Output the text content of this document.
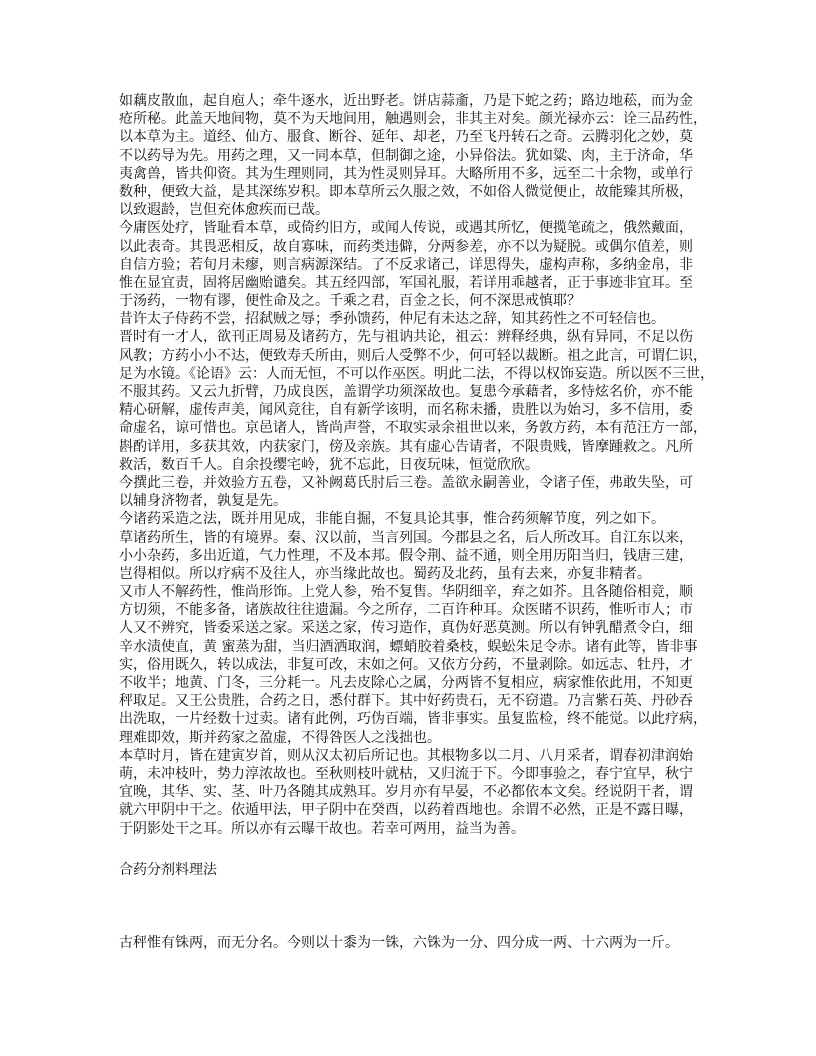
如藕皮散血，起自庖人；牵牛逐水，近出野老。饼店蒜齑，乃是下蛇之药；路边地菘，而为金
疮所秘。此盖天地间物，莫不为天地间用，触遇则会，非其主对矣。颜光禄亦云：诠三品药性，
以本草为主。道经、仙方、服食、断谷、延年、却老，乃至飞丹转石之奇。云腾羽化之妙，莫
不以药导为先。用药之理，又一同本草，但制御之途，小异俗法。犹如粱、肉，主于济命，华
夷禽兽，皆共仰资。其为生理则同，其为性灵则异耳。大略所用不多，远至二十余物，或单行
数种，便致大益，是其深练岁积。即本草所云久服之效，不如俗人微觉便止，故能臻其所极，
以致遐龄，岂但充体愈疾而已哉。
今庸医处疗，皆耻看本草，或倚约旧方，或闻人传说，或遇其所忆，便揽笔疏之，俄然戴面，
以此表奇。其畏恶相反，故自寡味，而药类违僻，分两参差，亦不以为疑脱。或偶尔值差，则
自信方验；若旬月未瘳，则言病源深结。了不反求诸己，详思得失，虚构声称，多纳金帛，非
惟在显宜责，固将居幽贻谴矣。其五经四部，军国礼服，若详用乖越者，正于事迹非宜耳。至
于汤药，一物有谬，便性命及之。千乘之君，百金之长，何不深思戒慎耶？
昔许太子侍药不尝，招弑贼之辱；季孙馈药，仲尼有未达之辞，知其药性之不可轻信也。
晋时有一才人，欲刊正周易及诸药方，先与祖讷共论，祖云：辨释经典，纵有异同，不足以伤
风教；方药小小不达，便致寿夭所由，则后人受弊不少，何可轻以裁断。祖之此言，可谓仁识，
足为水镜。《论语》云：人而无恒，不可以作巫医。明此二法，不得以权饰妄造。所以医不三世，
不服其药。又云九折臂，乃成良医，盖谓学功须深故也。复患今承藉者，多恃炫名价，亦不能
精心研解，虚传声美，闻风竞往，自有新学该明，而名称未播，贵胜以为始习，多不信用，委
命虚名，谅可惜也。京邑诸人，皆尚声誉，不取实录余祖世以来，务敦方药，本有范汪方一部，
斟酌详用，多获其效，内获家门，傍及亲族。其有虚心告请者，不限贵贱，皆摩踵救之。凡所
救活，数百千人。自余投缨宅岭，犹不忘此，日夜玩味，恒觉欣欣。
今撰此三卷，并效验方五卷，又补阙葛氏肘后三卷。盖欲永嗣善业，令诸子侄，弗敢失坠，可
以辅身济物者，孰复是先。
今诸药采造之法，既并用见成，非能自掘，不复具论其事，惟合药须解节度，列之如下。
草诸药所生，皆的有境界。秦、汉以前，当言列国。今郡县之名，后人所改耳。自江东以来，
小小杂药，多出近道，气力性理，不及本邦。假令荆、益不通，则全用历阳当归，钱唐三建，
岂得相似。所以疗病不及往人，亦当缘此故也。蜀药及北药，虽有去来，亦复非精者。
又市人不解药性，惟尚形饰。上党人参，殆不复售。华阴细辛，弃之如芥。且各随俗相竞，顺
方切须，不能多备，诸族故往往遗漏。今之所存，二百许种耳。众医睹不识药，惟听市人；市
人又不辨究，皆委采送之家。采送之家，传习造作，真伪好恶莫测。所以有钟乳醋煮令白，细
辛水渍使直，黄 蜜蒸为甜，当归酒洒取润，螵蛸胶着桑枝，蜈蚣朱足令赤。诸有此等，皆非事
实，俗用既久，转以成法，非复可改，末如之何。又依方分药，不量剥除。如远志、牡丹，才
不收半；地黄、门冬，三分耗一。凡去皮除心之属，分两皆不复相应，病家惟依此用，不知更
秤取足。又王公贵胜，合药之日，悉付群下。其中好药贵石，无不窃遣。乃言紫石英、丹砂吞
出洗取，一片经数十过卖。诸有此例，巧伪百端，皆非事实。虽复监检，终不能觉。以此疗病，
理难即效，斯并药家之盈虚，不得咎医人之浅拙也。
本草时月，皆在建寅岁首，则从汉太初后所记也。其根物多以二月、八月采者，谓春初津润始
萌，未冲枝叶，势力淳浓故也。至秋则枝叶就枯，又归流于下。今即事验之，春宁宜早，秋宁
宜晚，其华、实、茎、叶乃各随其成熟耳。岁月亦有早晏，不必都依本文矣。经说阴干者，谓
就六甲阴中干之。依遁甲法，甲子阴中在癸酉，以药着酉地也。余谓不必然，正是不露日曝，
于阴影处干之耳。所以亦有云曝干故也。若幸可两用，益当为善。
合药分剂料理法
古秤惟有铢两，而无分名。今则以十黍为一铢，六铢为一分、四分成一两、十六两为一斤。
